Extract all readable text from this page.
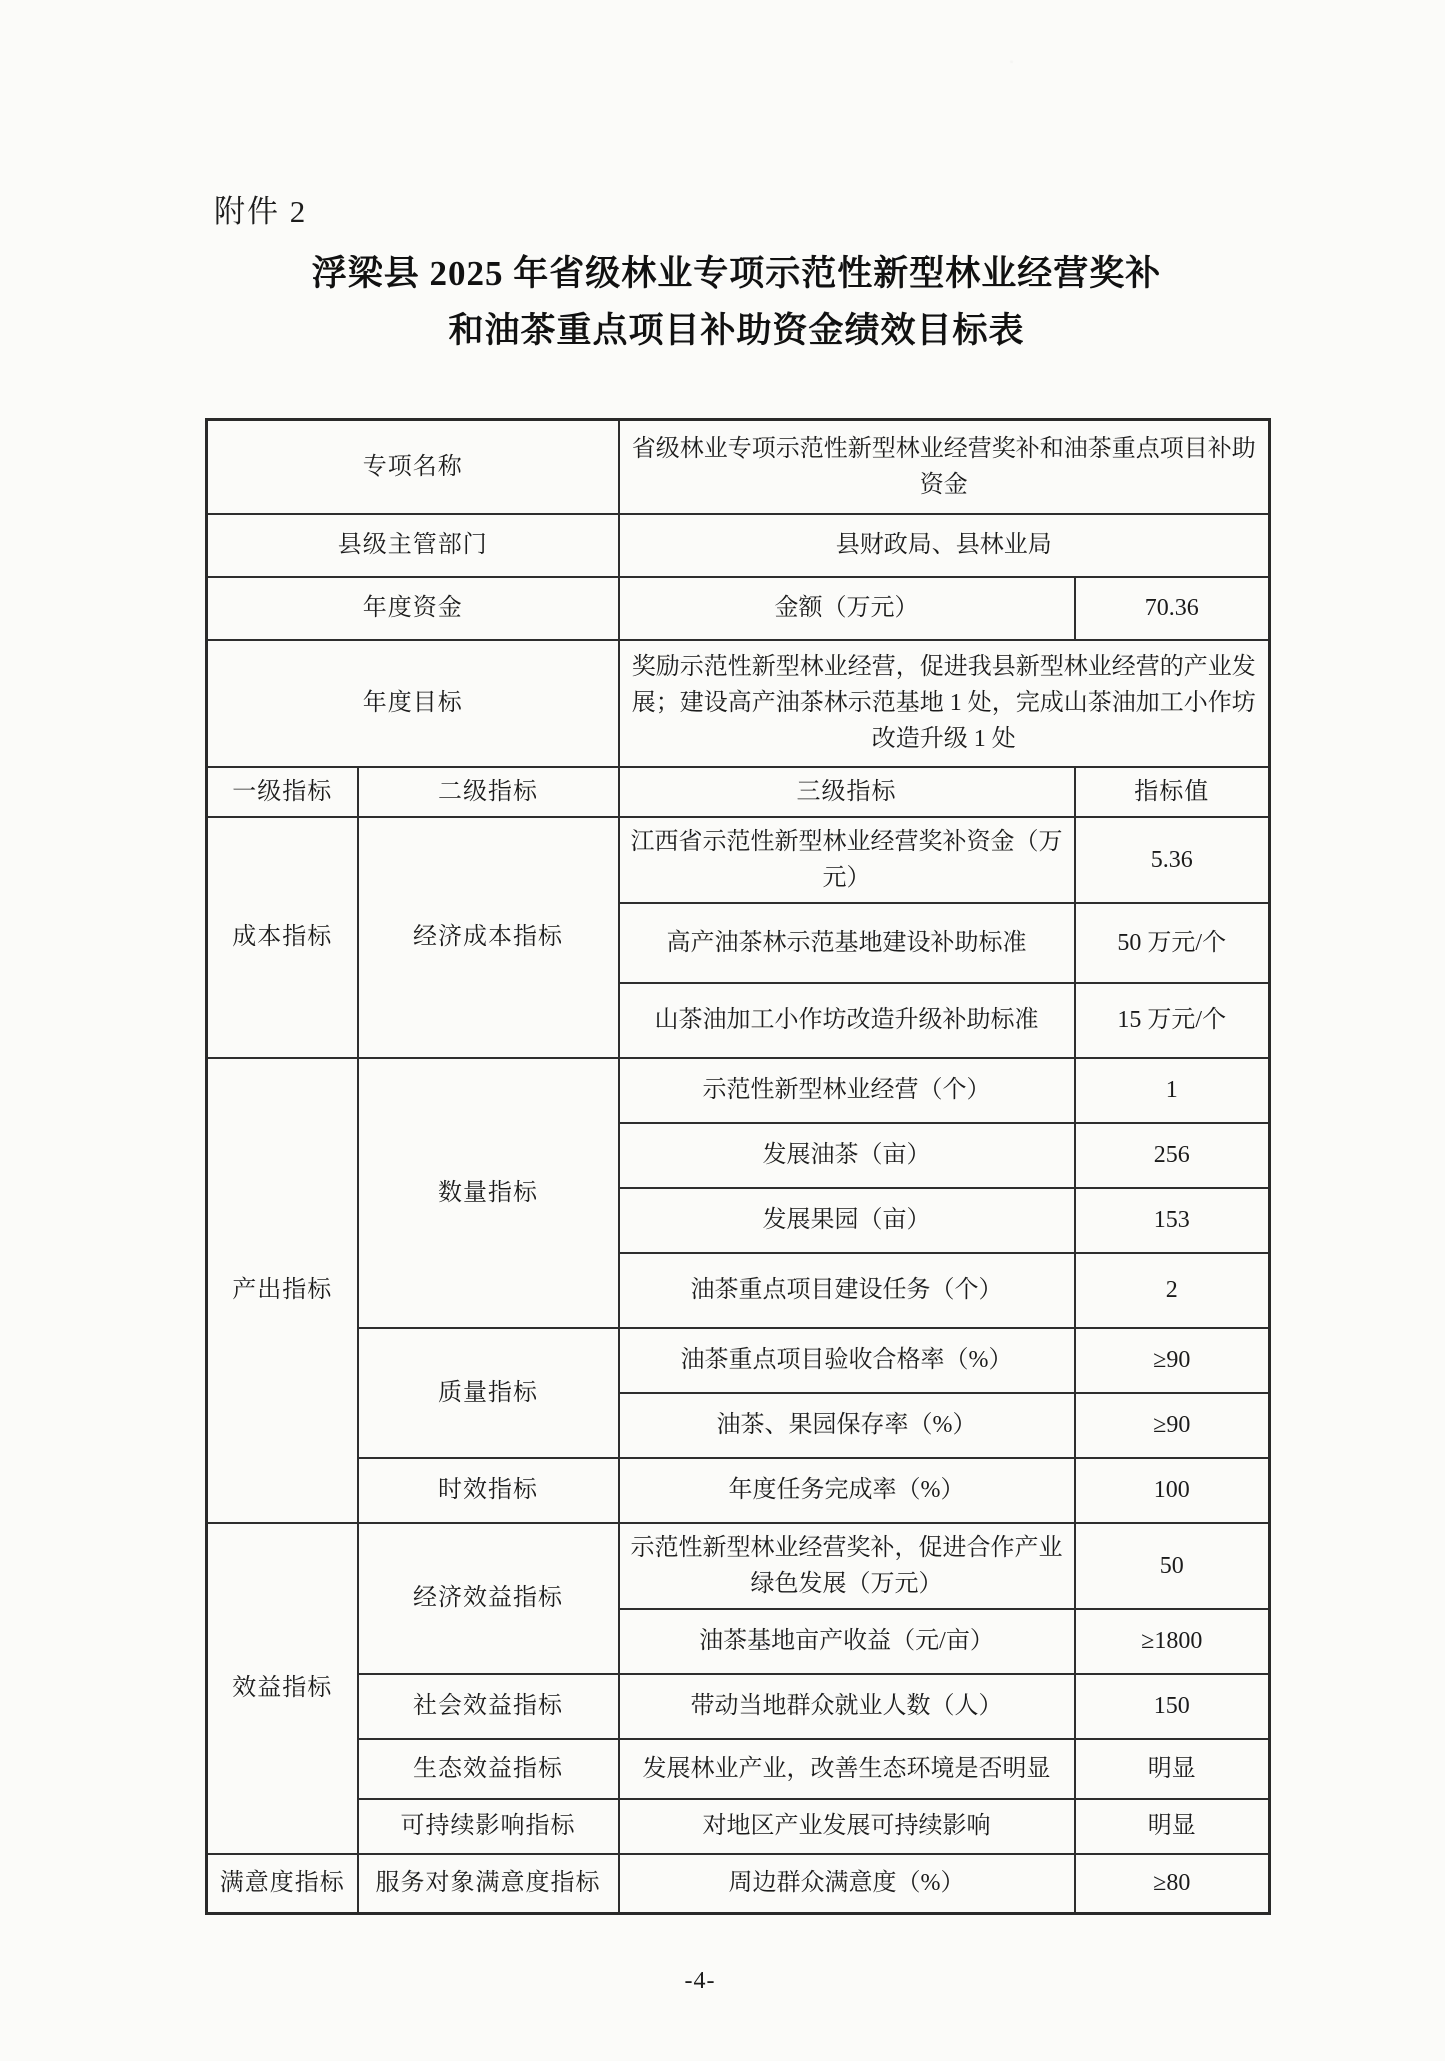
附件 2
浮梁县 2025 年省级林业专项示范性新型林业经营奖补
和油茶重点项目补助资金绩效目标表
专项名称		省级林业专项示范性新型林业经营奖补和油茶重点项目补助资金	
县级主管部门		县财政局、县林业局	
年度资金		金额（万元）	70.36
年度目标		奖励示范性新型林业经营，促进我县新型林业经营的产业发展；建设高产油茶林示范基地 1 处，完成山茶油加工小作坊改造升级 1 处	
一级指标	二级指标	三级指标	指标值
成本指标	经济成本指标	江西省示范性新型林业经营奖补资金（万元）	5.36
		高产油茶林示范基地建设补助标准	50 万元/个
		山茶油加工小作坊改造升级补助标准	15 万元/个
产出指标	数量指标	示范性新型林业经营（个）	1
		发展油茶（亩）	256
		发展果园（亩）	153
		油茶重点项目建设任务（个）	2
	质量指标	油茶重点项目验收合格率（%）	≥90
		油茶、果园保存率（%）	≥90
	时效指标	年度任务完成率（%）	100
效益指标	经济效益指标	示范性新型林业经营奖补，促进合作产业绿色发展（万元）	50
		油茶基地亩产收益（元/亩）	≥1800
	社会效益指标	带动当地群众就业人数（人）	150
	生态效益指标	发展林业产业，改善生态环境是否明显	明显
	可持续影响指标	对地区产业发展可持续影响	明显
满意度指标	服务对象满意度指标	周边群众满意度（%）	≥80
-4-
